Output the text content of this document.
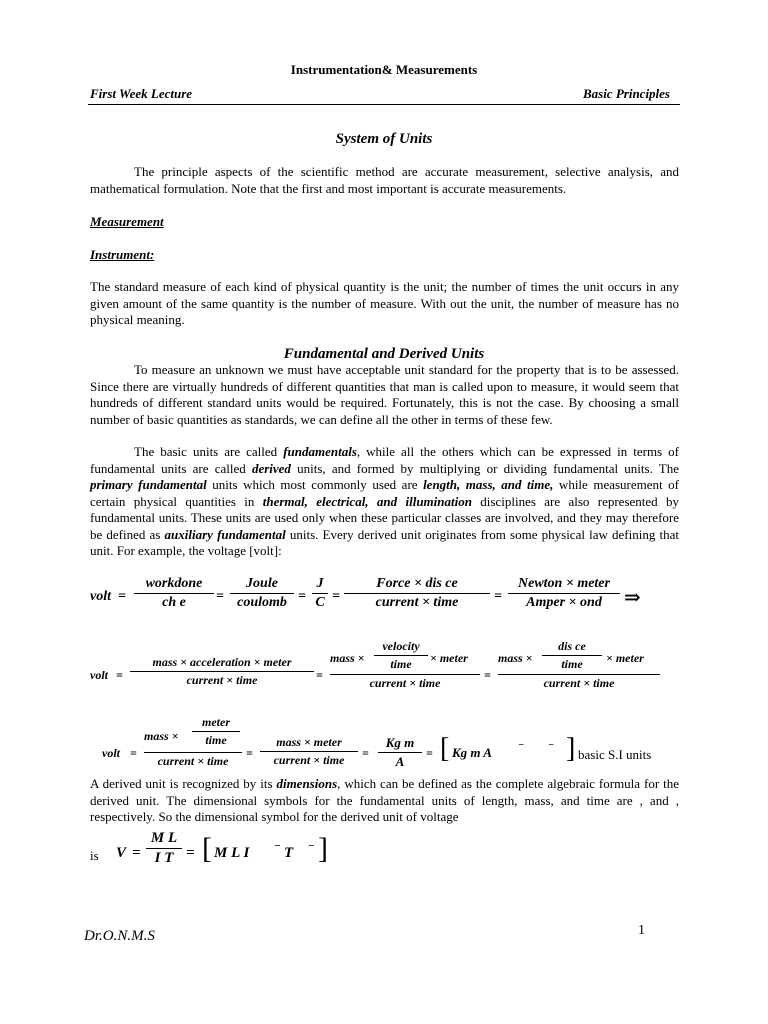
Instrumentation& Measurements
First Week Lecture	Basic Principles
System of Units
The principle aspects of the scientific method are accurate measurement, selective analysis, and mathematical formulation. Note that the first and most important is accurate measurements.
Measurement
Instrument:
The standard measure of each kind of physical quantity is the unit; the number of times the unit occurs in any given amount of the same quantity is the number of measure. With out the unit, the number of measure has no physical meaning.
Fundamental and Derived Units
To measure an unknown we must have acceptable unit standard for the property that is to be assessed. Since there are virtually hundreds of different quantities that man is called upon to measure, it would seem that hundreds of different standard units would be required. Fortunately, this is not the case. By choosing a small number of basic quantities as standards, we can define all the other in terms of these few.
The basic units are called fundamentals, while all the others which can be expressed in terms of fundamental units are called derived units, and formed by multiplying or dividing fundamental units. The primary fundamental units which most commonly used are length, mass, and time, while measurement of certain physical quantities in thermal, electrical, and illumination disciplines are also represented by fundamental units. These units are used only when these particular classes are involved, and they may therefore be defined as auxiliary fundamental units. Every derived unit originates from some physical law defining that unit. For example, the voltage [volt]:
volt =
workdone
ch e	=
Joule
coulomb =
J
C =
Force × dis ce
current × time	=
Newton × meter
Amper × ond	⇒
volt =
mass × acceleration × meter
current × time	=
mass ×
velocity
time	× meter
current × time
=
mass ×
dis ce
time	× meter
current × time
volt =
mass ×
meter
time
current × time
=
mass × meter
current × time	=
Kg m
A
= [ Kg m A	− − ] basic S.I units
A derived unit is recognized by its dimensions, which can be defined as the complete algebraic formula for the derived unit. The dimensional symbols for the fundamental units of length, mass, and time are , and , respectively. So the dimensional symbol for the derived unit of voltage
is V =
M L
I T = [ M L I − T − ]
Dr.O.N.M.S	1
